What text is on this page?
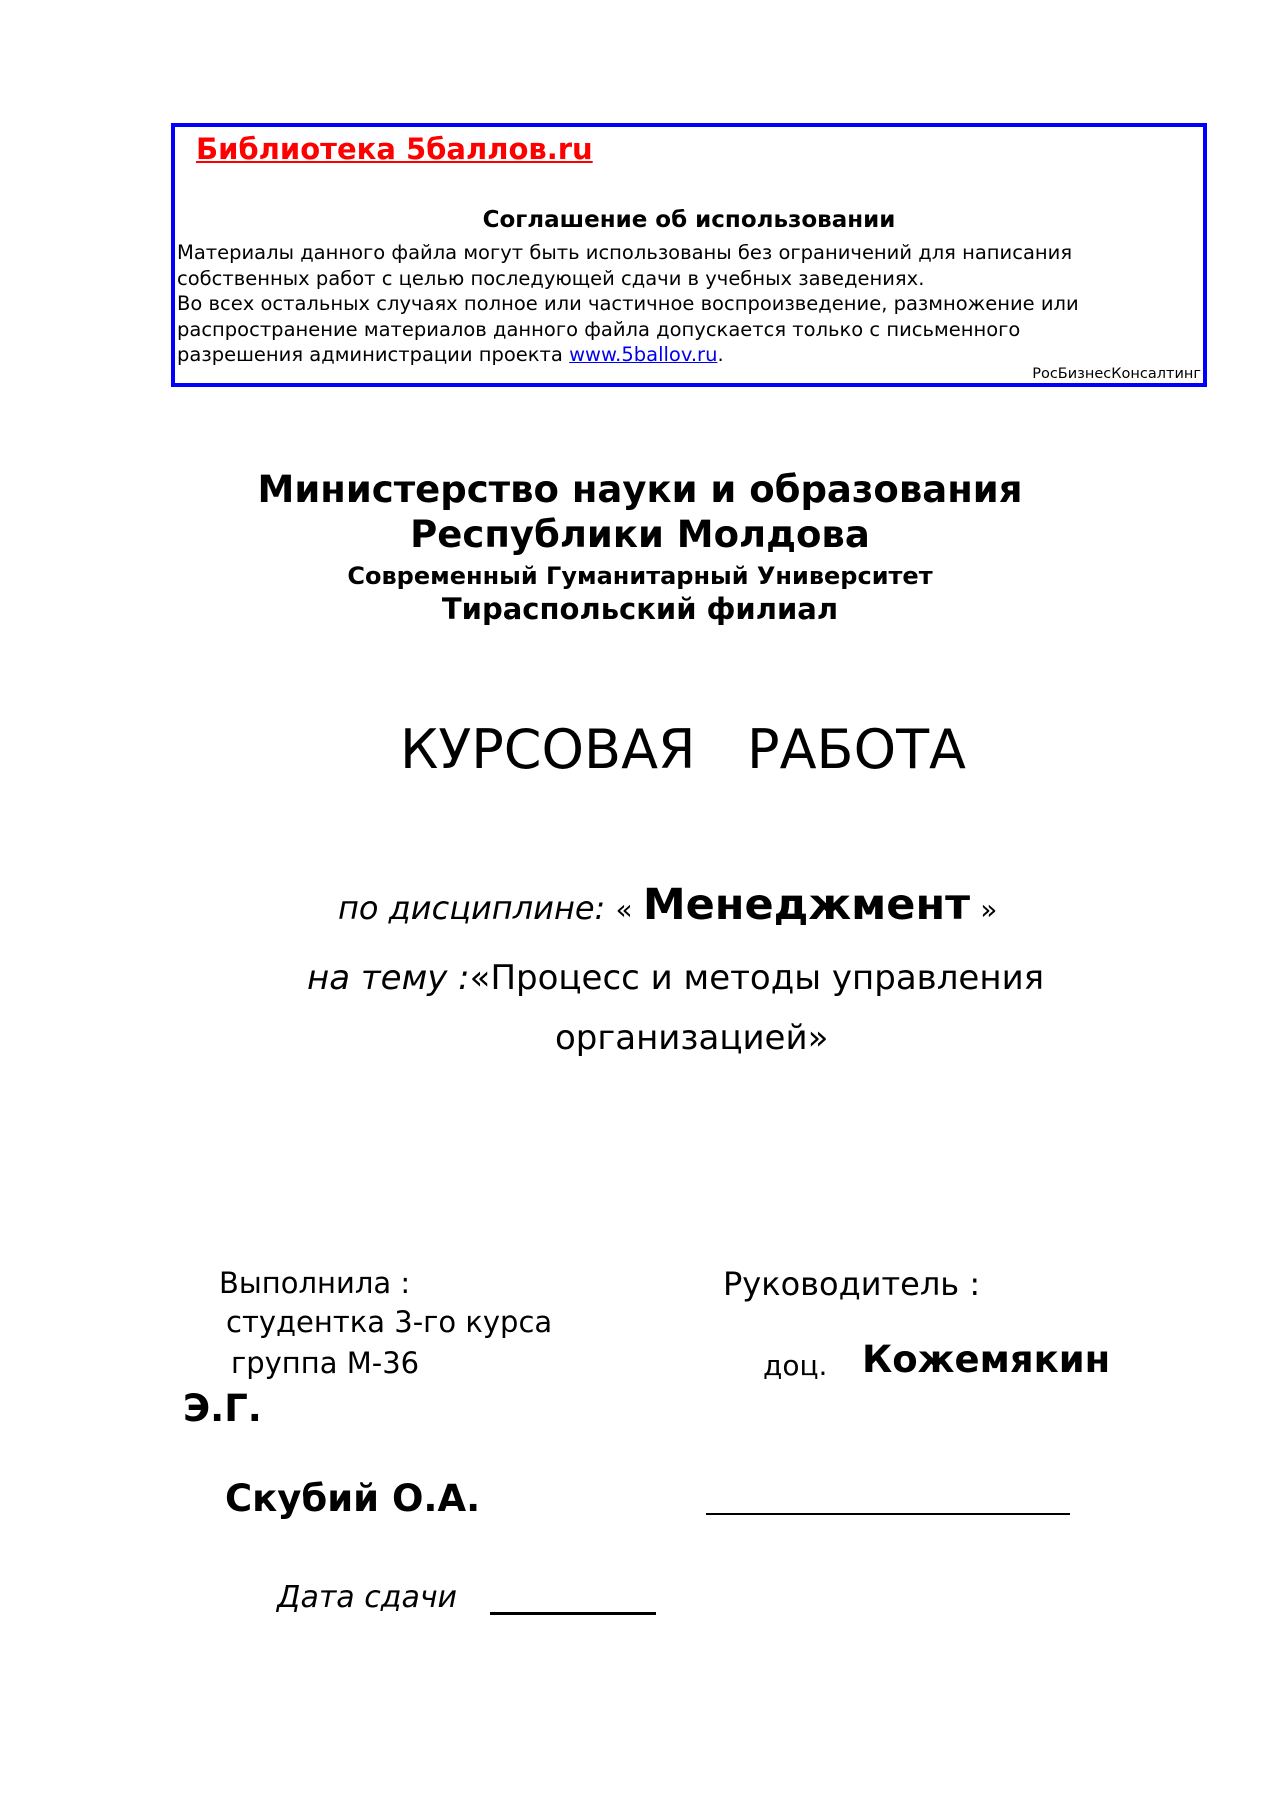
Библиотека 5баллов.ru
Соглашение об использовании
Материалы данного файла могут быть использованы без ограничений для написания
собственных работ с целью последующей сдачи в учебных заведениях.
Во всех остальных случаях полное или частичное воспроизведение, размножение или
распространение материалов данного файла допускается только с письменного
разрешения администрации проекта www.5ballov.ru.
РосБизнесКонсалтинг
Министерство науки и образования
Республики Молдова
Современный Гуманитарный Университет
Тираспольский филиал
КУРСОВАЯ   РАБОТА
по дисциплине: « Менеджмент »
на тему :«Процесс и методы управления
организацией»
Выполнила :
студентка 3-го курса
группа М-36
Руководитель :
доц. Кожемякин
Э.Г.
Скубий О.А.
Дата сдачи
